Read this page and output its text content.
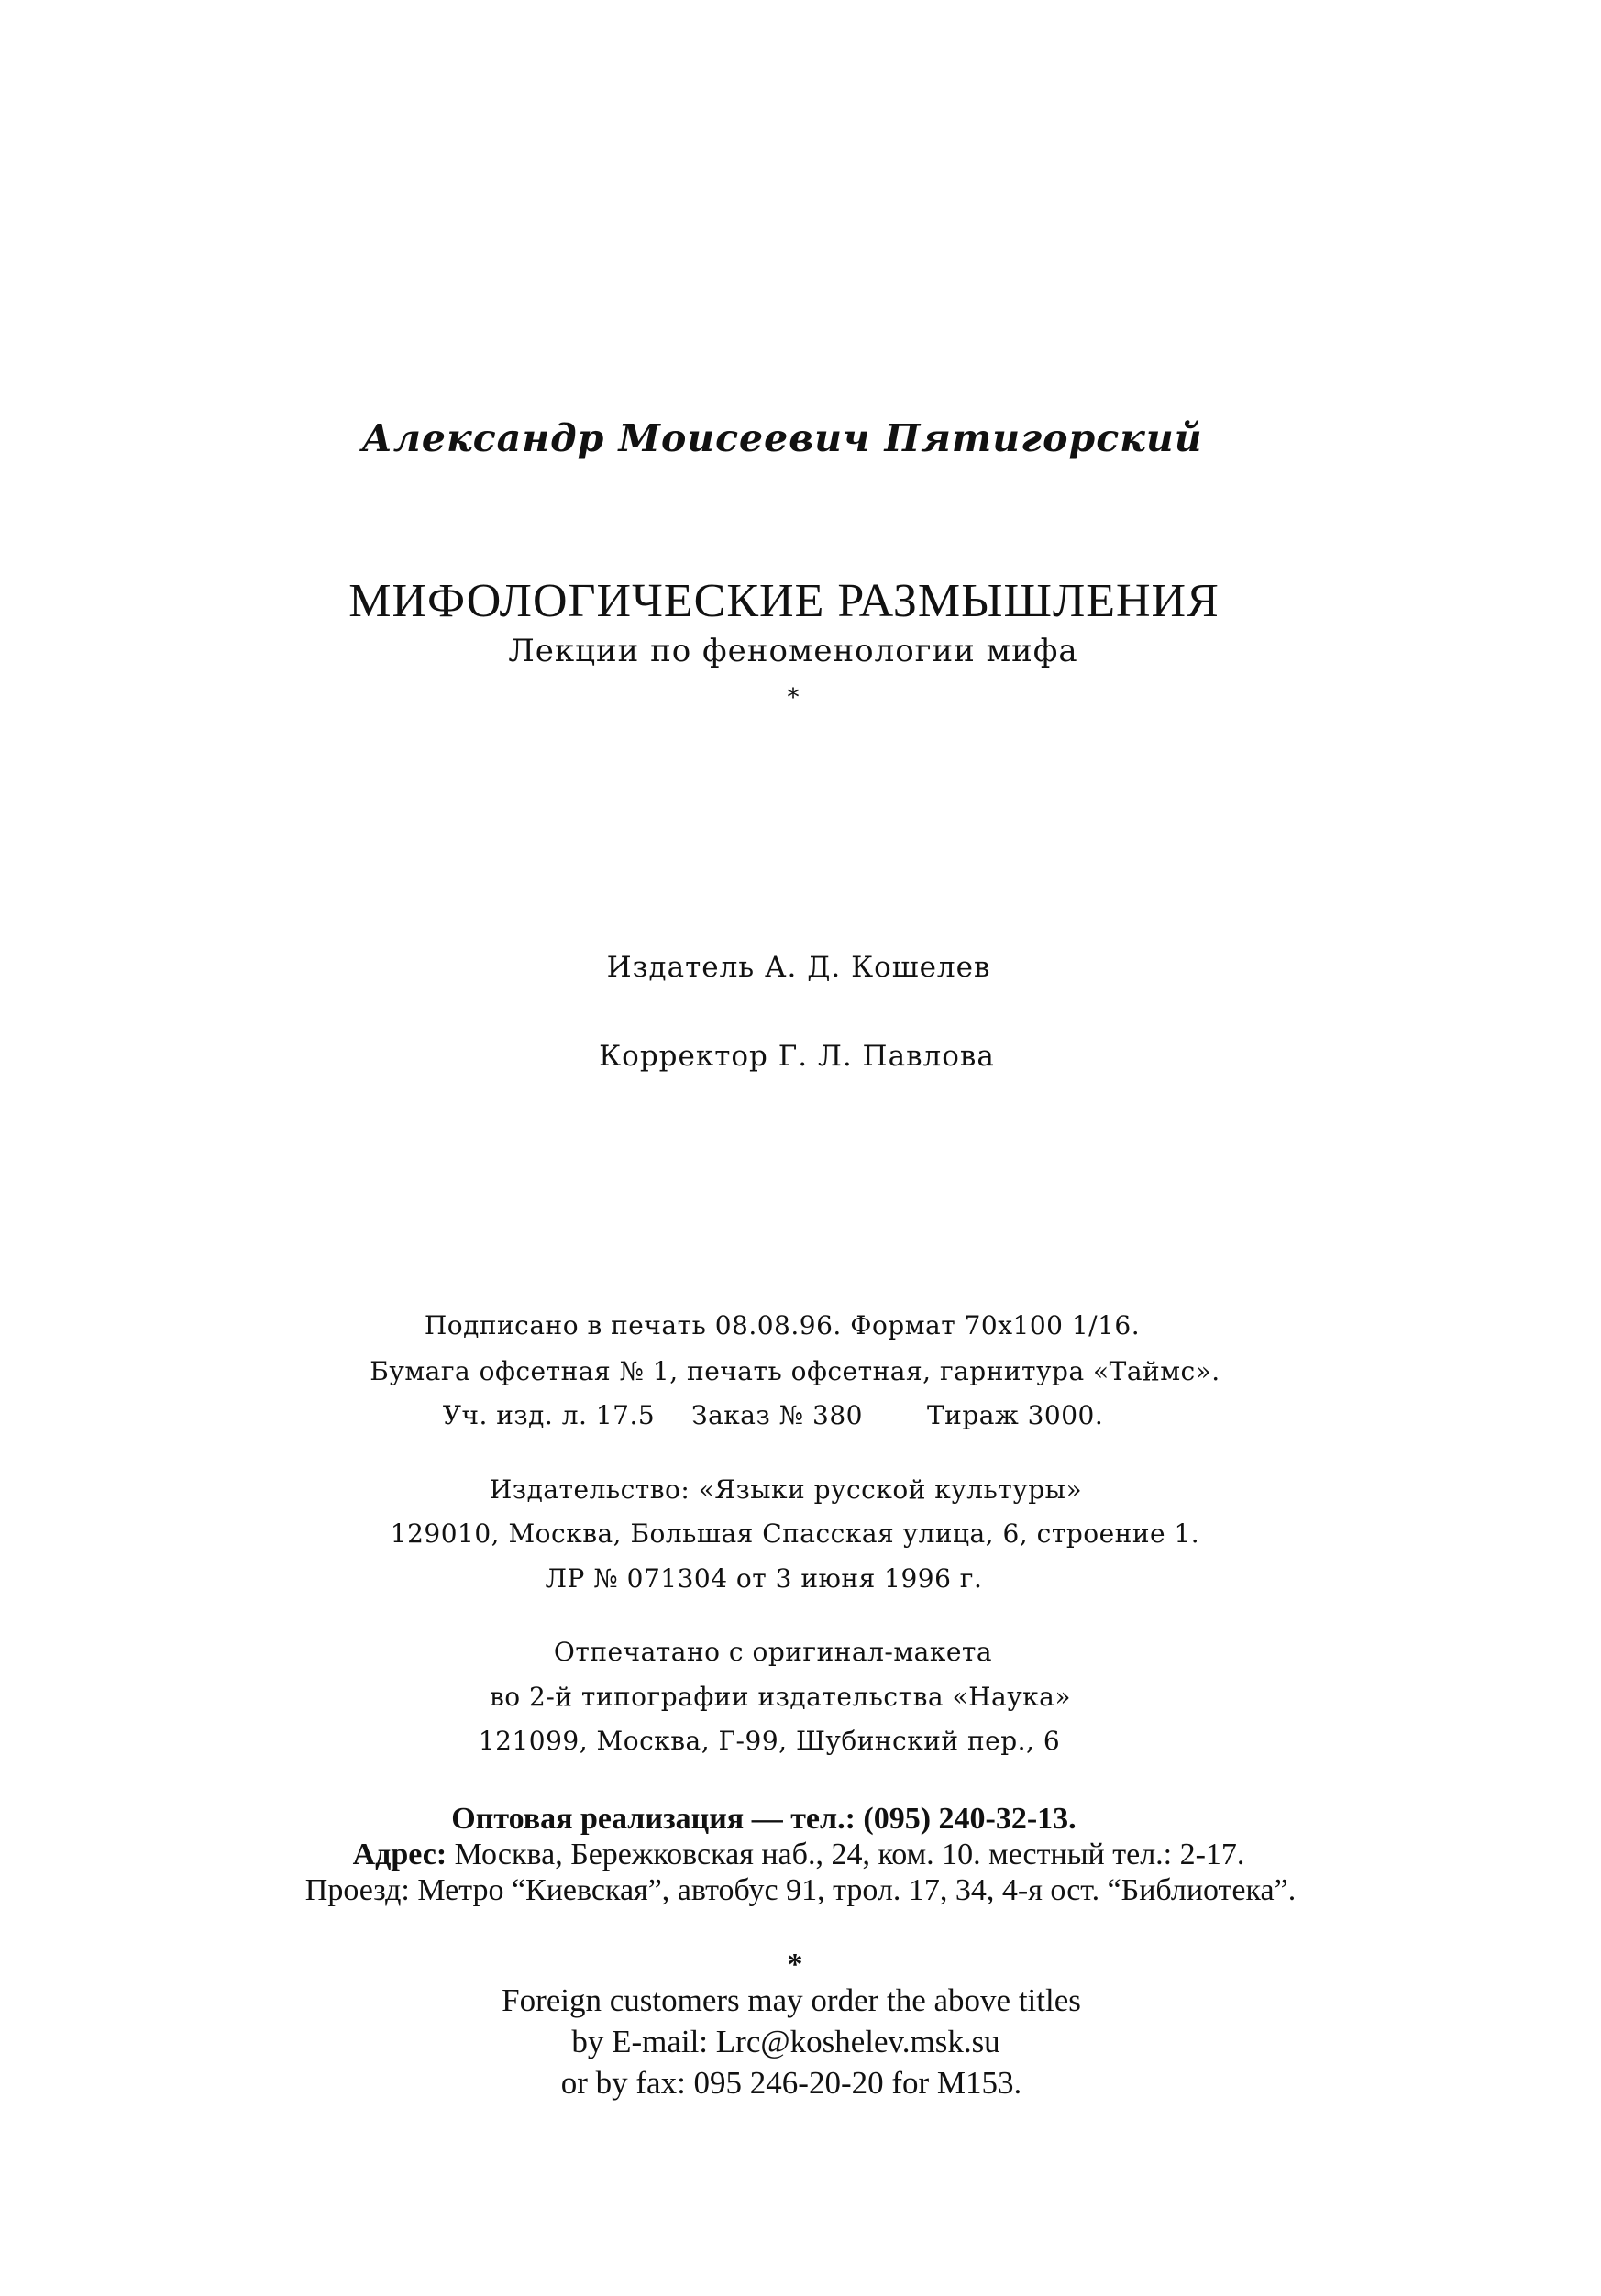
Александр Моисеевич Пятигорский
МИФОЛОГИЧЕСКИЕ РАЗМЫШЛЕНИЯ
Лекции по феноменологии мифа
*
Издатель А. Д. Кошелев
Корректор Г. Л. Павлова
Подписано в печать 08.08.96. Формат 70x100 1/16.
Бумага офсетная № 1, печать офсетная, гарнитура «Таймс».
Уч. изд. л. 17.5 Заказ № 380	Тираж 3000.
Издательство: «Языки русской культуры»
129010, Москва, Большая Спасская улица, 6, строение 1.
ЛР № 071304 от 3 июня 1996 г.
Отпечатано с оригинал-макета
во 2-й типографии издательства «Наука»
121099, Москва, Г-99, Шубинский пер., 6
Оптовая реализация — тел.: (095) 240-32-13.
Адрес: Москва, Бережковская наб., 24, ком. 10. местный тел.: 2-17.
Проезд: Метро “Киевская”, автобус 91, трол. 17, 34, 4-я ост. “Библиотека”.
*
Foreign customers may order the above titles
by E-mail: Lrc@koshelev.msk.su
or by fax: 095 246-20-20 for M153.
